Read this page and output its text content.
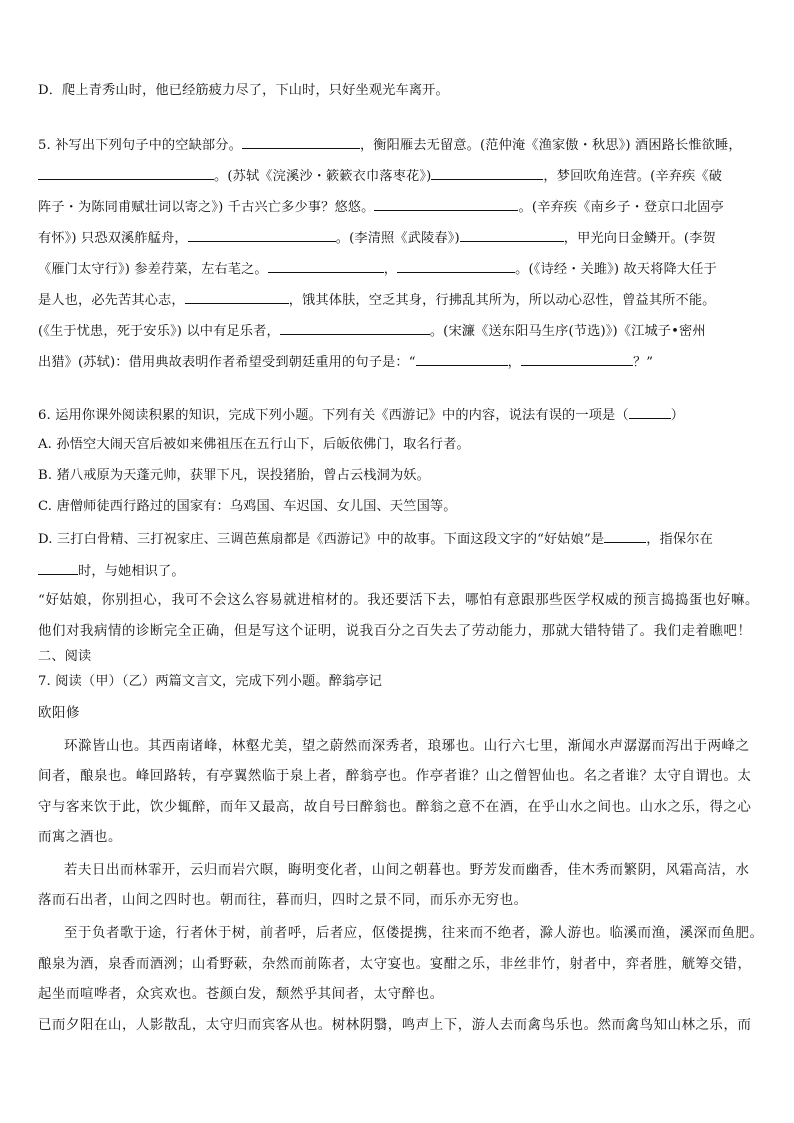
D．爬上青秀山时，他已经筋疲力尽了，下山时，只好坐观光车离开。
5. 补写出下列句子中的空缺部分。	，衡阳雁去无留意。(范仲淹《渔家傲・秋思》) 酒困路长惟欲睡，
。(苏轼《浣溪沙・簌簌衣巾落枣花》)	，梦回吹角连营。(辛弃疾《破
阵子・为陈同甫赋壮词以寄之》) 千古兴亡多少事？悠悠。	。(辛弃疾《南乡子・登京口北固亭
有怀》) 只恐双溪舴艋舟，	。(李清照《武陵春》)	，甲光向日金鳞开。(李贺
《雁门太守行》) 参差荇菜，左右芼之。	，	。(《诗经・关雎》) 故天将降大任于
是人也，必先苦其心志，	，饿其体肤，空乏其身，行拂乱其所为，所以动心忍性，曾益其所不能。
(《生于忧患，死于安乐》) 以中有足乐者，	。(宋濂《送东阳马生序(节选)》)《江城子•密州
出猎》(苏轼)：借用典故表明作者希望受到朝廷重用的句子是：“	，	？”
6. 运用你课外阅读积累的知识，完成下列小题。下列有关《西游记》中的内容，说法有误的一项是（	）
A. 孙悟空大闹天宫后被如来佛祖压在五行山下，后皈依佛门，取名行者。
B. 猪八戒原为天蓬元帅，获罪下凡，误投猪胎，曾占云栈洞为妖。
C. 唐僧师徒西行路过的国家有：乌鸡国、车迟国、女儿国、天竺国等。
D. 三打白骨精、三打祝家庄、三调芭蕉扇都是《西游记》中的故事。下面这段文字的“好姑娘”是	，指保尔在
时，与她相识了。
“好姑娘，你别担心，我可不会这么容易就进棺材的。我还要活下去，哪怕有意跟那些医学权威的预言捣捣蛋也好嘛。
他们对我病情的诊断完全正确，但是写这个证明，说我百分之百失去了劳动能力，那就大错特错了。我们走着瞧吧！
二、阅读
7. 阅读（甲）（乙）两篇文言文，完成下列小题。醉翁亭记
欧阳修
环滁皆山也。其西南诸峰，林壑尤美，望之蔚然而深秀者，琅琊也。山行六七里，渐闻水声潺潺而泻出于两峰之
间者，酿泉也。峰回路转，有亭翼然临于泉上者，醉翁亭也。作亭者谁？山之僧智仙也。名之者谁？太守自谓也。太
守与客来饮于此，饮少辄醉，而年又最高，故自号曰醉翁也。醉翁之意不在酒，在乎山水之间也。山水之乐，得之心
而寓之酒也。
若夫日出而林霏开，云归而岩穴暝，晦明变化者，山间之朝暮也。野芳发而幽香，佳木秀而繁阴，风霜高洁，水
落而石出者，山间之四时也。朝而往，暮而归，四时之景不同，而乐亦无穷也。
至于负者歌于途，行者休于树，前者呼，后者应，伛偻提携，往来而不绝者，滁人游也。临溪而渔，溪深而鱼肥。
酿泉为酒，泉香而酒洌；山肴野蔌，杂然而前陈者，太守宴也。宴酣之乐，非丝非竹，射者中，弈者胜，觥筹交错，
起坐而喧哗者，众宾欢也。苍颜白发，颓然乎其间者，太守醉也。
已而夕阳在山，人影散乱，太守归而宾客从也。树林阴翳，鸣声上下，游人去而禽鸟乐也。然而禽鸟知山林之乐，而
